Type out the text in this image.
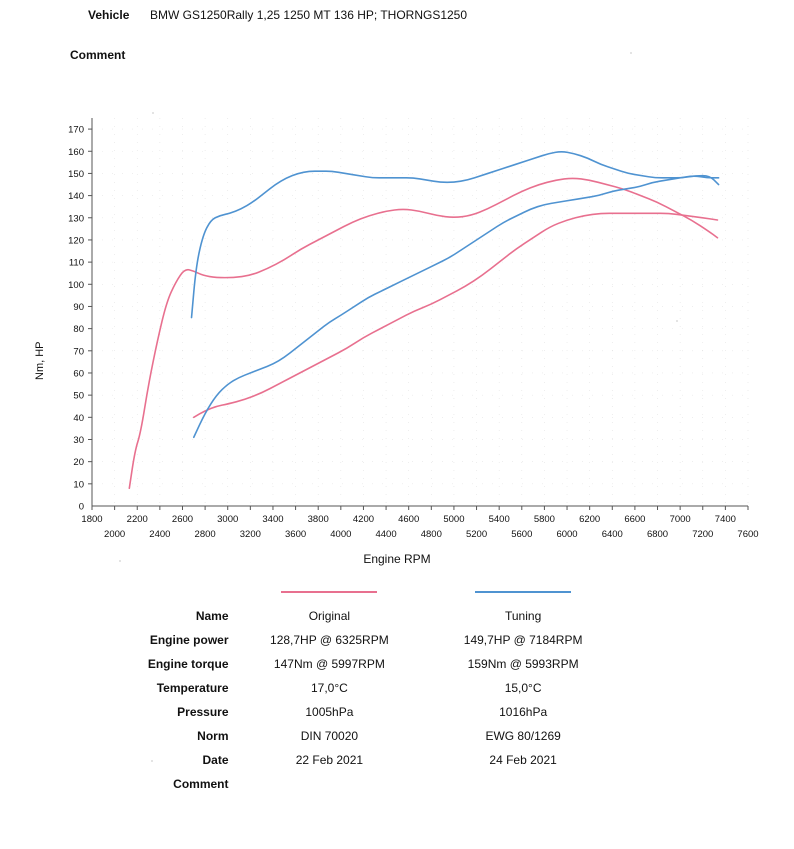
Vehicle	BMW GS1250Rally 1,25 1250 MT 136 HP; THORNGS1250
Comment
Nm, HP
Engine RPM
10
20
30
40
50
60
70
80
90
100
110
120
130
140
150
160
170
0
1800	2200	2600	3000	3400	3800	4200	4600	5000	5400	5800	6200	6600	7000	7400
2000	2400	2800	3200	3600	4000	4400	4800	5200	5600	6000	6400	6800	7200	7600

Name	Original	Tuning
Engine power	128,7HP @ 6325RPM	149,7HP @ 7184RPM
Engine torque	147Nm @ 5997RPM	159Nm @ 5993RPM
Temperature	17,0°C	15,0°C
Pressure	1005hPa	1016hPa
Norm	DIN 70020	EWG 80/1269
Date	22 Feb 2021	24 Feb 2021
Comment		
